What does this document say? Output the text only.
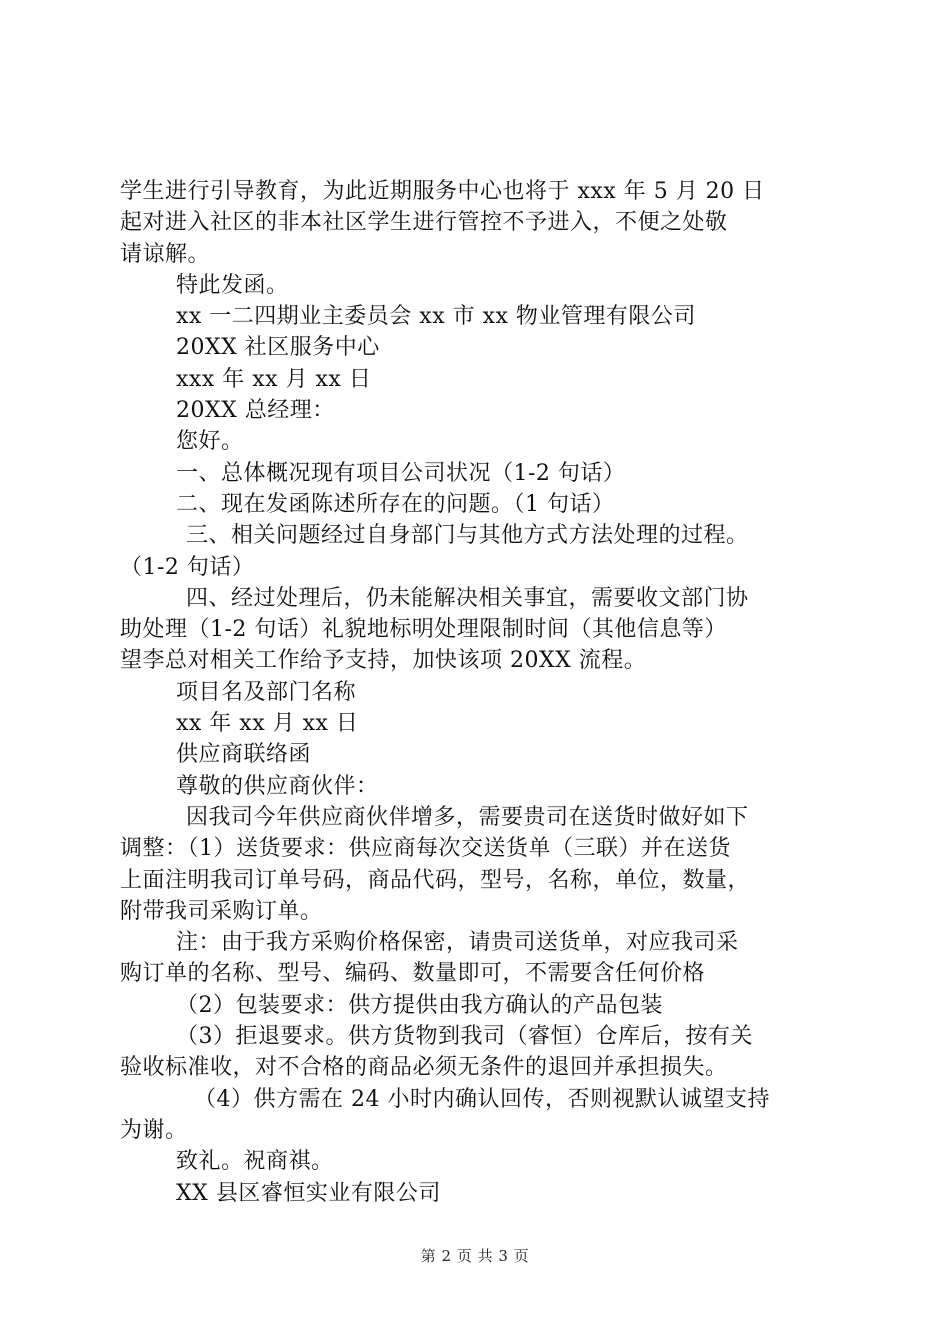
学生进行引导教育，为此近期服务中心也将于 xxx 年 5 月 20 日
起对进入社区的非本社区学生进行管控不予进入，不便之处敬
请谅解。
特此发函。
xx 一二四期业主委员会 xx 市 xx 物业管理有限公司
20XX 社区服务中心
xxx 年 xx 月 xx 日
20XX 总经理：
您好。
一、总体概况现有项目公司状况（1-2 句话）
二、现在发函陈述所存在的问题。（1 句话）
三、相关问题经过自身部门与其他方式方法处理的过程。
（1-2 句话）
四、经过处理后，仍未能解决相关事宜，需要收文部门协
助处理（1-2 句话）礼貌地标明处理限制时间（其他信息等）
望李总对相关工作给予支持，加快该项 20XX 流程。
项目名及部门名称
xx 年 xx 月 xx 日
供应商联络函
尊敬的供应商伙伴：
因我司今年供应商伙伴增多，需要贵司在送货时做好如下
调整：（1）送货要求：供应商每次交送货单（三联）并在送货
上面注明我司订单号码，商品代码，型号，名称，单位，数量，
附带我司采购订单。
注：由于我方采购价格保密，请贵司送货单，对应我司采
购订单的名称、型号、编码、数量即可，不需要含任何价格
（2）包装要求：供方提供由我方确认的产品包装
（3）拒退要求。供方货物到我司（睿恒）仓库后，按有关
验收标准收，对不合格的商品必须无条件的退回并承担损失。
（4）供方需在 24 小时内确认回传，否则视默认诚望支持
为谢。
致礼。祝商祺。
XX 县区睿恒实业有限公司
第 2 页 共 3 页
